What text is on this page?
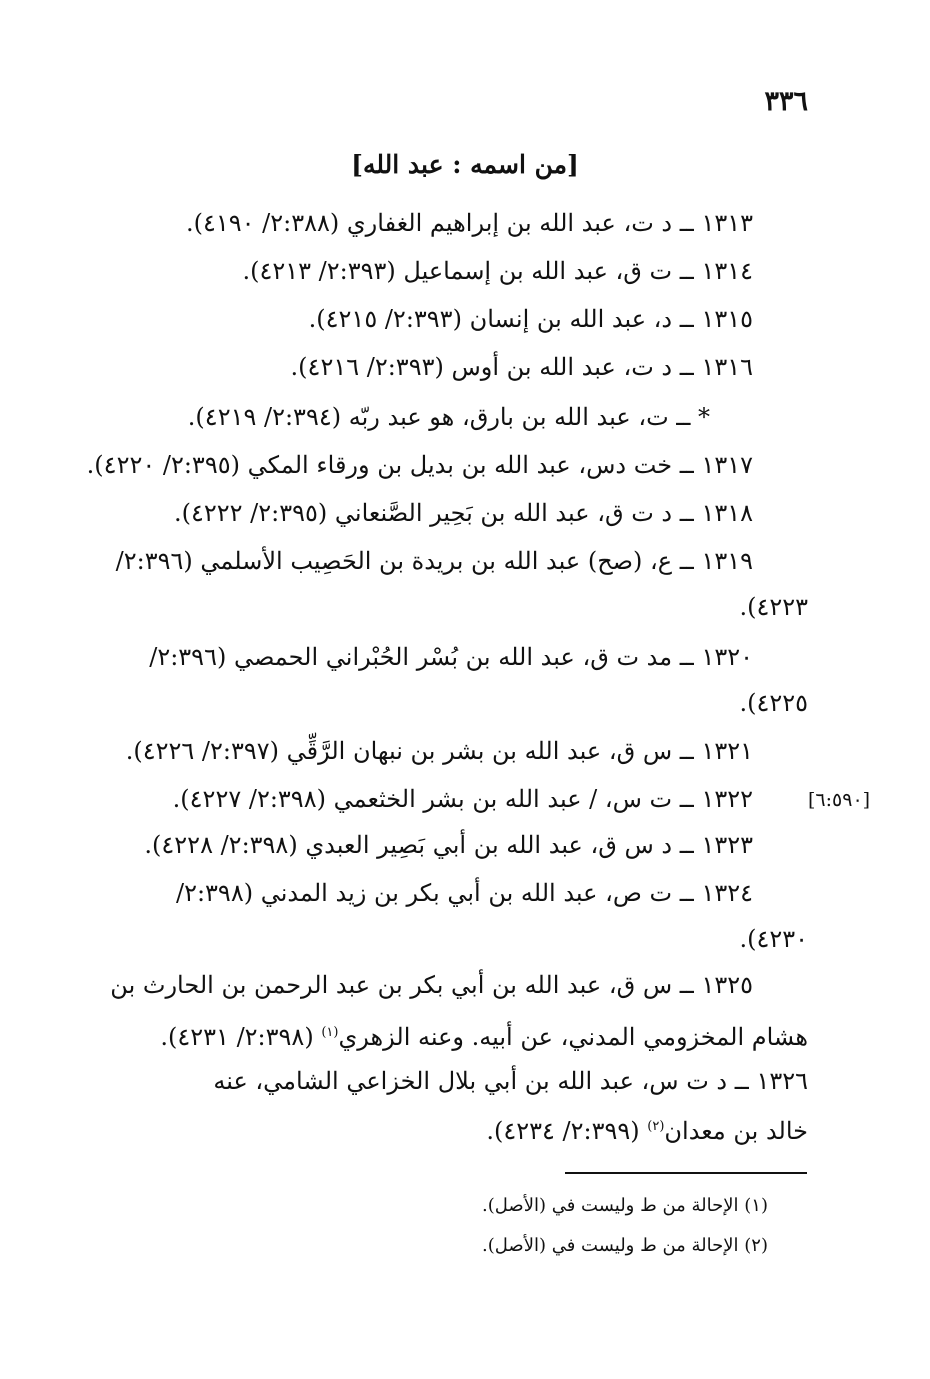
٣٣٦
[من اسمه : عبد الله]
١٣١٣ ــ د ت، عبد الله بن إبراهيم الغفاري (٢:٣٨٨/ ٤١٩٠).
١٣١٤ ــ ت ق، عبد الله بن إسماعيل (٢:٣٩٣/ ٤٢١٣).
١٣١٥ ــ د، عبد الله بن إنسان (٢:٣٩٣/ ٤٢١٥).
١٣١٦ ــ د ت، عبد الله بن أوس (٢:٣٩٣/ ٤٢١٦).
* ــ ت، عبد الله بن بارق، هو عبد ربّه (٢:٣٩٤/ ٤٢١٩).
١٣١٧ ــ خت دس، عبد الله بن بديل بن ورقاء المكي (٢:٣٩٥/ ٤٢٢٠).
١٣١٨ ــ د ت ق، عبد الله بن بَحِير الصَّنعاني (٢:٣٩٥/ ٤٢٢٢).
١٣١٩ ــ ع، (صح) عبد الله بن بريدة بن الحَصِيب الأسلمي (٢:٣٩٦/
٤٢٢٣).
١٣٢٠ ــ مد ت ق، عبد الله بن بُسْر الحُبْراني الحمصي (٢:٣٩٦/
٤٢٢٥).
١٣٢١ ــ س ق، عبد الله بن بشر بن نبهان الرَّقِّي (٢:٣٩٧/ ٤٢٢٦).
[٦:٥٩٠]
١٣٢٢ ــ ت س، / عبد الله بن بشر الخثعمي (٢:٣٩٨/ ٤٢٢٧).
١٣٢٣ ــ د س ق، عبد الله بن أبي بَصِير العبدي (٢:٣٩٨/ ٤٢٢٨).
١٣٢٤ ــ ت ص، عبد الله بن أبي بكر بن زيد المدني (٢:٣٩٨/
٤٢٣٠).
١٣٢٥ ــ س ق، عبد الله بن أبي بكر بن عبد الرحمن بن الحارث بن
هشام المخزومي المدني، عن أبيه. وعنه الزهري$^{(١)}$ (٢:٣٩٨/ ٤٢٣١).
١٣٢٦ ــ د ت س، عبد الله بن أبي بلال الخزاعي الشامي، عنه
خالد بن معدان$^{(٢)}$ (٢:٣٩٩/ ٤٢٣٤).
(١) الإحالة من ط وليست في (الأصل).
(٢) الإحالة من ط وليست في (الأصل).
